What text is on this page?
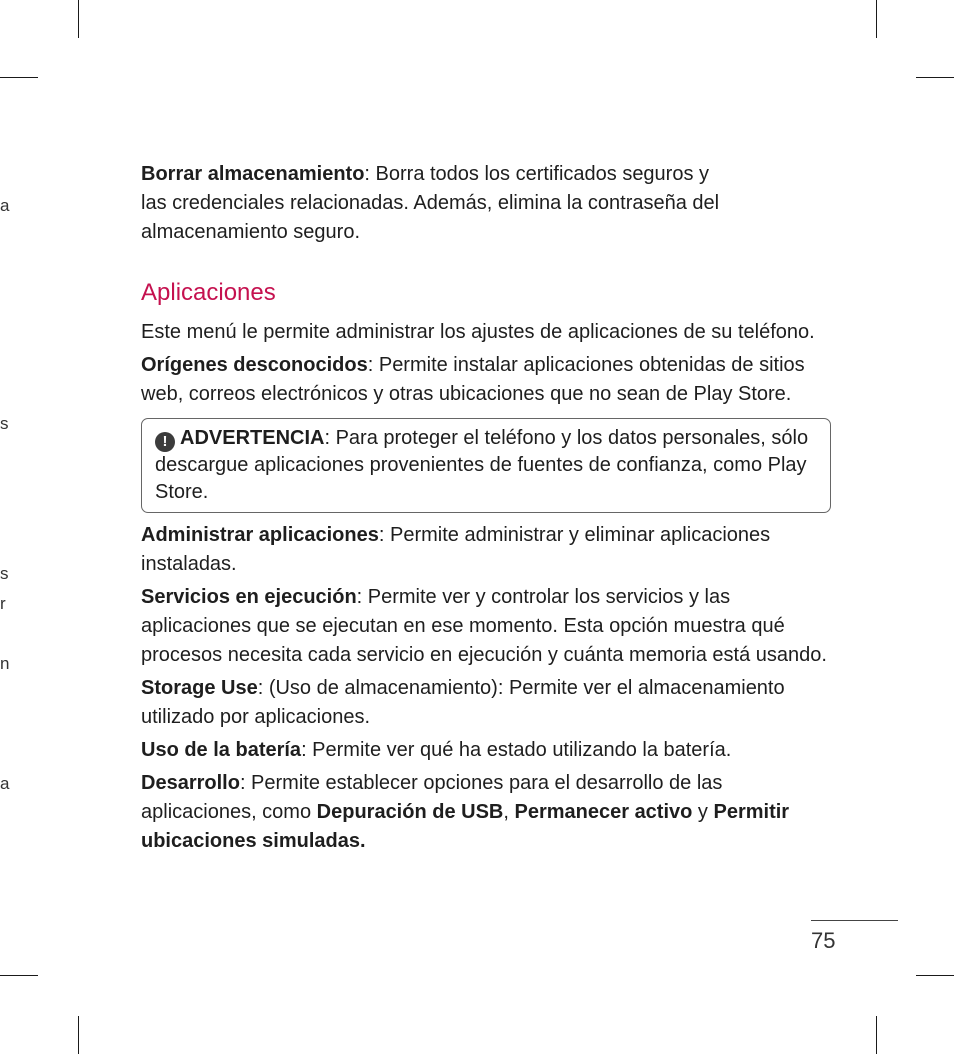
a
s
s
r
n
a

Borrar almacenamiento: Borra todos los certificados seguros y
las credenciales relacionadas. Además, elimina la contraseña del almacenamiento seguro.

Aplicaciones

Este menú le permite administrar los ajustes de aplicaciones de su teléfono.

Orígenes desconocidos: Permite instalar aplicaciones obtenidas de sitios web, correos electrónicos y otras ubicaciones que no sean de Play Store.

! ADVERTENCIA: Para proteger el teléfono y los datos personales, sólo descargue aplicaciones provenientes de fuentes de confianza, como Play Store.

Administrar aplicaciones: Permite administrar y eliminar aplicaciones instaladas.

Servicios en ejecución: Permite ver y controlar los servicios y las aplicaciones que se ejecutan en ese momento. Esta opción muestra qué procesos necesita cada servicio en ejecución y cuánta memoria está usando.

Storage Use: (Uso de almacenamiento): Permite ver el almacenamiento utilizado por aplicaciones.

Uso de la batería: Permite ver qué ha estado utilizando la batería.

Desarrollo: Permite establecer opciones para el desarrollo de las aplicaciones, como Depuración de USB, Permanecer activo y Permitir ubicaciones simuladas.

75
